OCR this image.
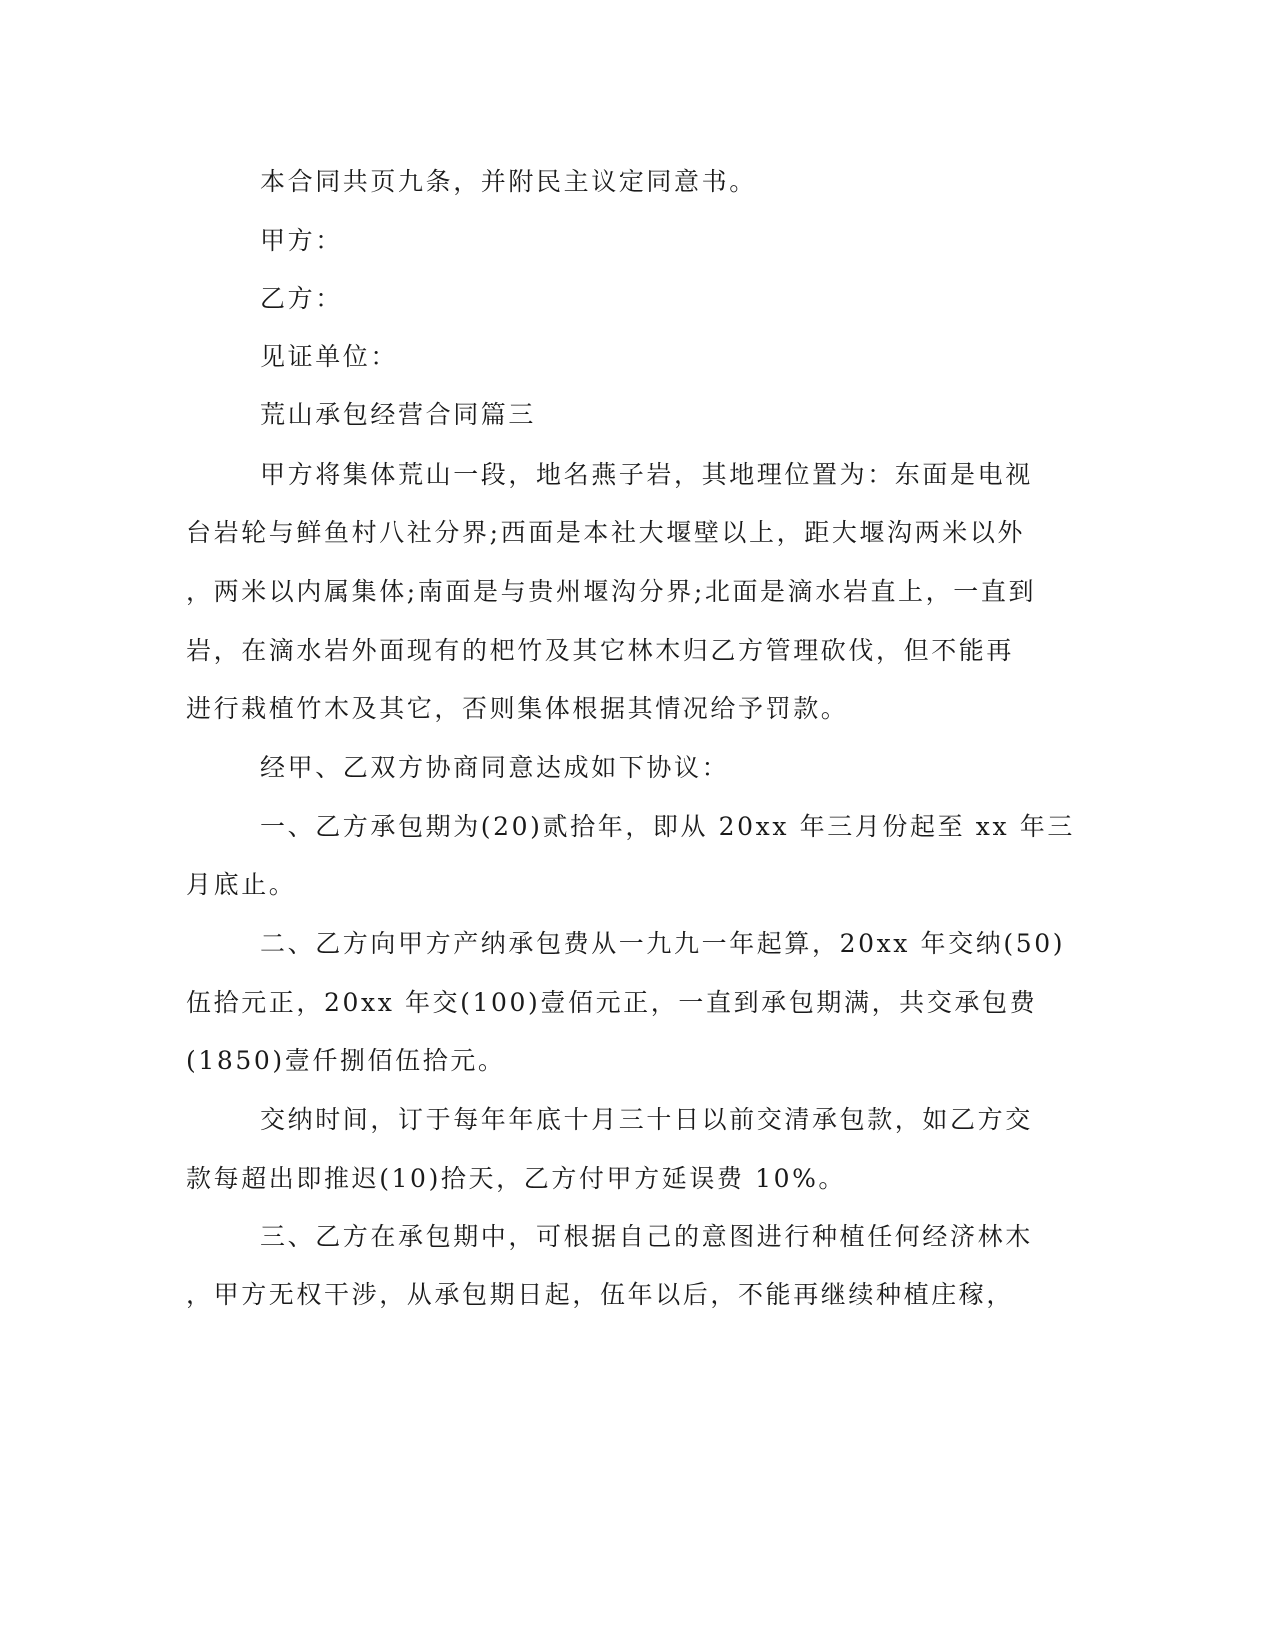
本合同共页九条，并附民主议定同意书。
甲方：
乙方：
见证单位：
荒山承包经营合同篇三
甲方将集体荒山一段，地名燕子岩，其地理位置为：东面是电视
台岩轮与鲜鱼村八社分界;西面是本社大堰壁以上，距大堰沟两米以外
，两米以内属集体;南面是与贵州堰沟分界;北面是滴水岩直上，一直到
岩，在滴水岩外面现有的杷竹及其它林木归乙方管理砍伐，但不能再
进行栽植竹木及其它，否则集体根据其情况给予罚款。
经甲、乙双方协商同意达成如下协议：
一、乙方承包期为(20)贰拾年，即从 20xx 年三月份起至 xx 年三
月底止。
二、乙方向甲方产纳承包费从一九九一年起算，20xx 年交纳(50)
伍拾元正，20xx 年交(100)壹佰元正，一直到承包期满，共交承包费
(1850)壹仟捌佰伍拾元。
交纳时间，订于每年年底十月三十日以前交清承包款，如乙方交
款每超出即推迟(10)拾天，乙方付甲方延误费 10%。
三、乙方在承包期中，可根据自己的意图进行种植任何经济林木
，甲方无权干涉，从承包期日起，伍年以后，不能再继续种植庄稼，
